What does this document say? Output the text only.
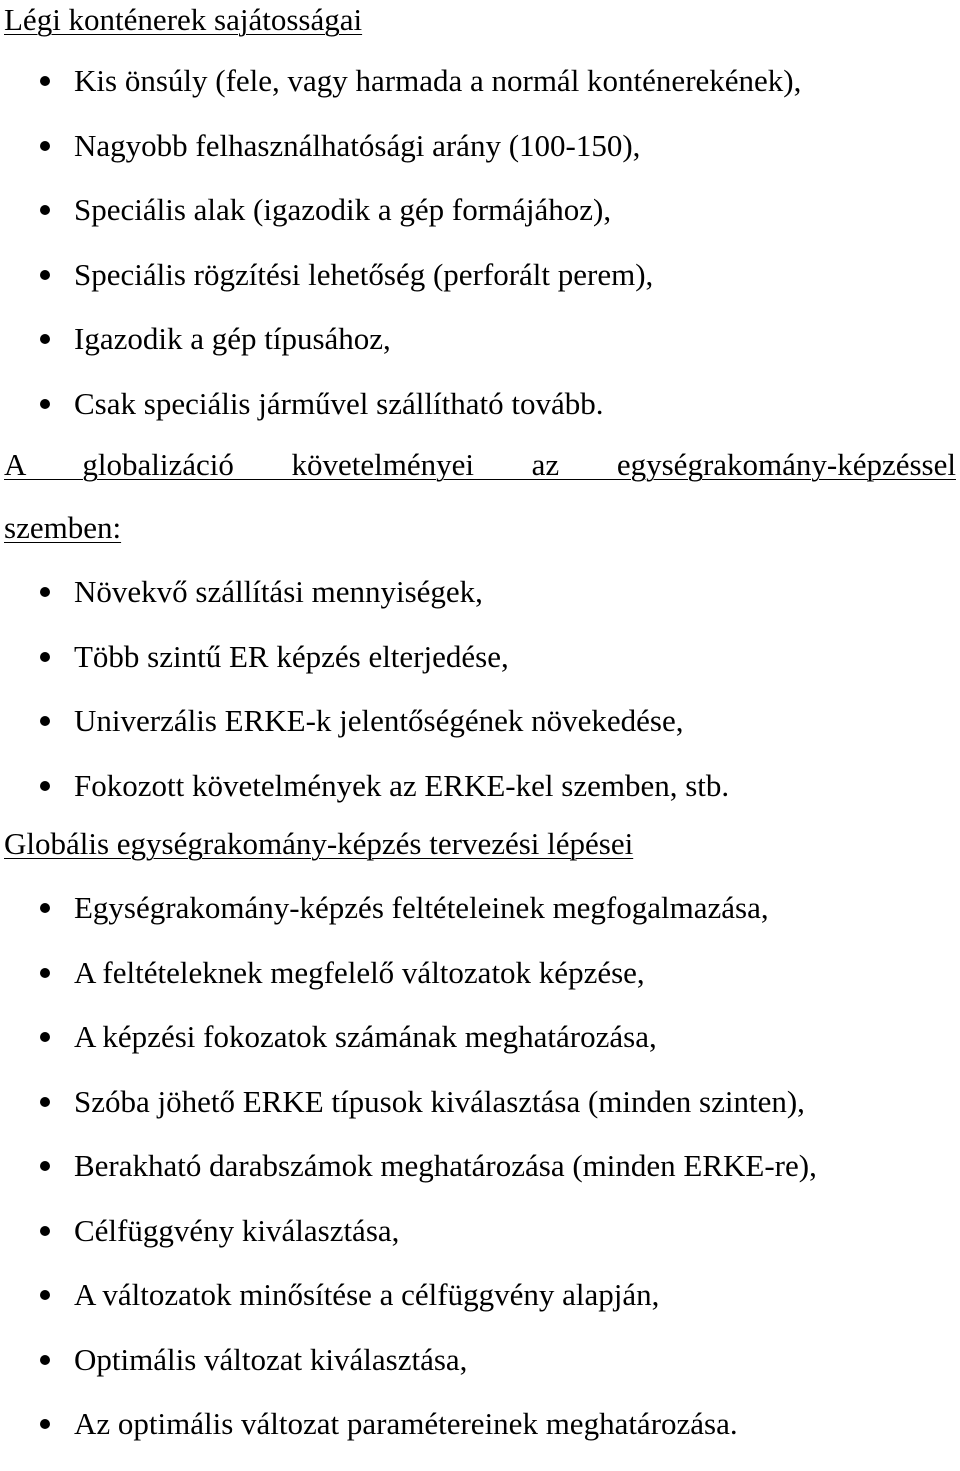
Légi konténerek sajátosságai
Kis önsúly (fele, vagy harmada a normál konténerekének),
Nagyobb felhasználhatósági arány (100-150),
Speciális alak (igazodik a gép formájához),
Speciális rögzítési lehetőség (perforált perem),
Igazodik a gép típusához,
Csak speciális járművel szállítható tovább.
A globalizáció követelményei az egységrakomány-képzéssel
szemben:
Növekvő szállítási mennyiségek,
Több szintű ER képzés elterjedése,
Univerzális ERKE-k jelentőségének növekedése,
Fokozott követelmények az ERKE-kel szemben, stb.
Globális egységrakomány-képzés tervezési lépései
Egységrakomány-képzés feltételeinek megfogalmazása,
A feltételeknek megfelelő változatok képzése,
A képzési fokozatok számának meghatározása,
Szóba jöhető ERKE típusok kiválasztása (minden szinten),
Berakható darabszámok meghatározása (minden ERKE-re),
Célfüggvény kiválasztása,
A változatok minősítése a célfüggvény alapján,
Optimális változat kiválasztása,
Az optimális változat paramétereinek meghatározása.
